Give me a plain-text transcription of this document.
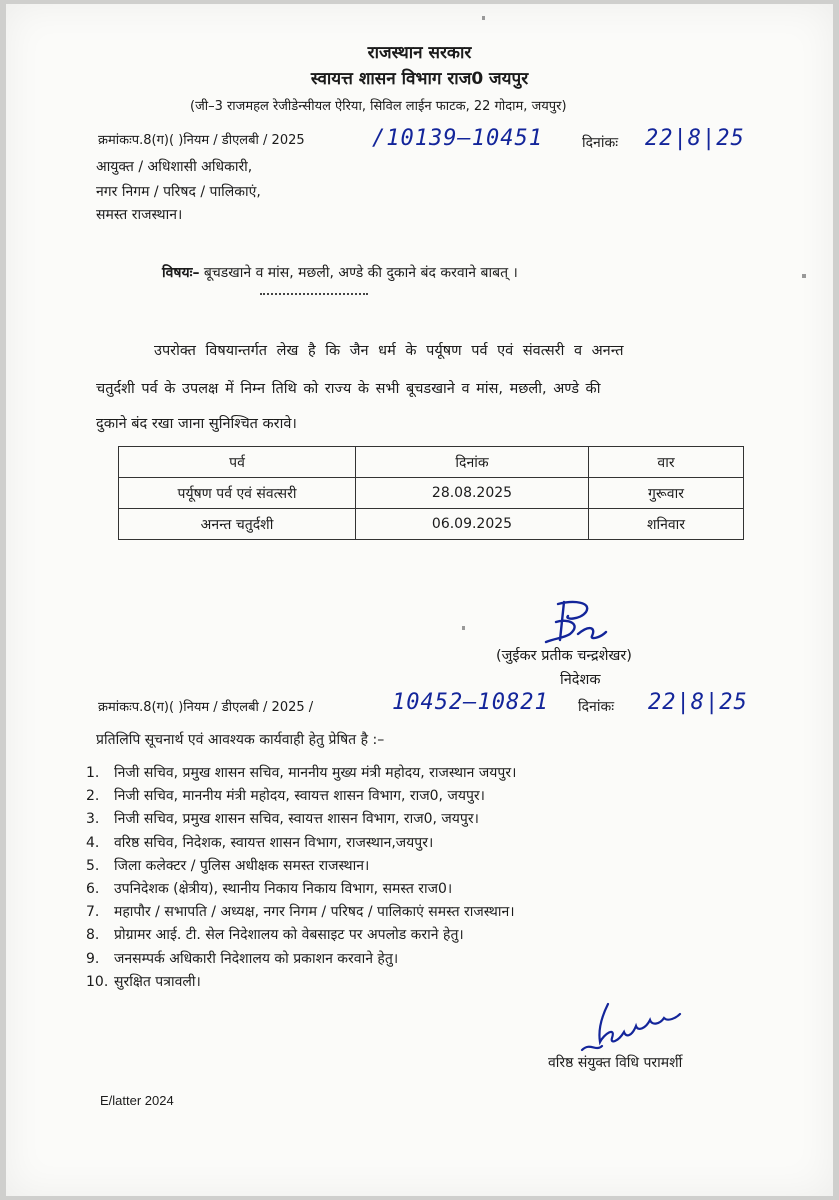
राजस्थान सरकार
स्वायत्त शासन विभाग राज0 जयपुर
(जी–3 राजमहल रेजीडेन्सीयल ऐरिया, सिविल लाईन फाटक, 22 गोदाम, जयपुर)
क्रमांकःप.8(ग)( )नियम / डीएलबी / 2025	/10139–10451	दिनांकः 22|8|25
आयुक्त / अधिशासी अधिकारी,
नगर निगम / परिषद / पालिकाएं,
समस्त राजस्थान।
विषयः– बूचडखाने व मांस, मछली, अण्डे की दुकाने बंद करवाने बाबत् ।
उपरोक्त विषयान्तर्गत लेख है कि जैन धर्म के पर्यूषण पर्व एवं संवत्सरी व अनन्त
चतुर्दशी पर्व के उपलक्ष में निम्न तिथि को राज्य के सभी बूचडखाने व मांस, मछली, अण्डे की
दुकाने बंद रखा जाना सुनिश्चित करावे।
पर्व	दिनांक	वार
पर्यूषण पर्व एवं संवत्सरी	28.08.2025	गुरूवार
अनन्त चतुर्दशी	06.09.2025	शनिवार
(जुईकर प्रतीक चन्द्रशेखर)
निदेशक
क्रमांकःप.8(ग)( )नियम / डीएलबी / 2025 /	10452–10821 दिनांकः 22|8|25
प्रतिलिपि सूचनार्थ एवं आवश्यक कार्यवाही हेतु प्रेषित है :–
1. निजी सचिव, प्रमुख शासन सचिव, माननीय मुख्य मंत्री महोदय, राजस्थान जयपुर।
2. निजी सचिव, माननीय मंत्री महोदय, स्वायत्त शासन विभाग, राज0, जयपुर।
3. निजी सचिव, प्रमुख शासन सचिव, स्वायत्त शासन विभाग, राज0, जयपुर।
4. वरिष्ठ सचिव, निदेशक, स्वायत्त शासन विभाग, राजस्थान,जयपुर।
5. जिला कलेक्टर / पुलिस अधीक्षक समस्त राजस्थान।
6. उपनिदेशक (क्षेत्रीय), स्थानीय निकाय निकाय विभाग, समस्त राज0।
7. महापौर / सभापति / अध्यक्ष, नगर निगम / परिषद / पालिकाएं समस्त राजस्थान।
8. प्रोग्रामर आई. टी. सेल निदेशालय को वेबसाइट पर अपलोड कराने हेतु।
9. जनसम्पर्क अधिकारी निदेशालय को प्रकाशन करवाने हेतु।
10. सुरक्षित पत्रावली।
वरिष्ठ संयुक्त विधि परामर्शी
E/latter 2024
